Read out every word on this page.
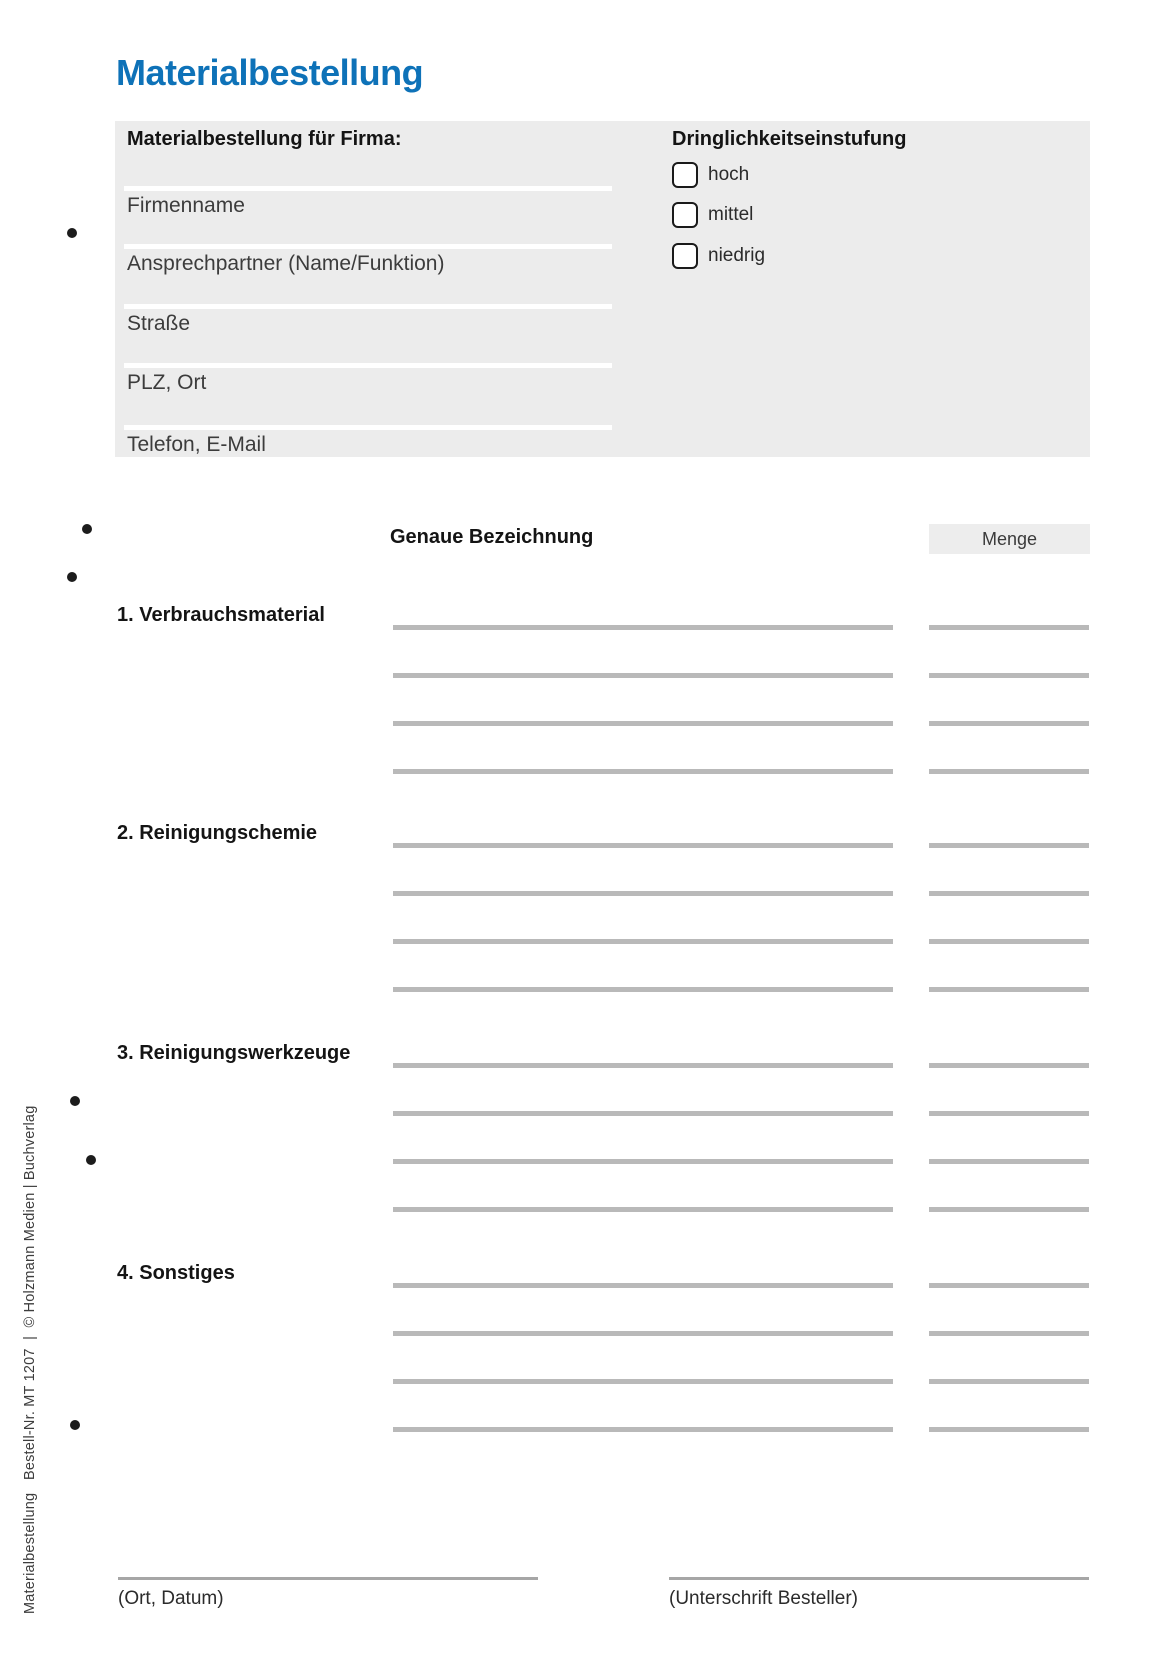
Materialbestellung
Materialbestellung für Firma:
Firmenname
Ansprechpartner (Name/Funktion)
Straße
PLZ, Ort
Telefon, E-Mail
Dringlichkeitseinstufung
hoch
mittel
niedrig
Genaue Bezeichnung	Menge
1. Verbrauchsmaterial
2. Reinigungschemie
3. Reinigungswerkzeuge
4. Sonstiges
(Ort, Datum)	(Unterschrift Besteller)
Materialbestellung   Bestell-Nr. MT 1207  |  © Holzmann Medien | Buchverlag
